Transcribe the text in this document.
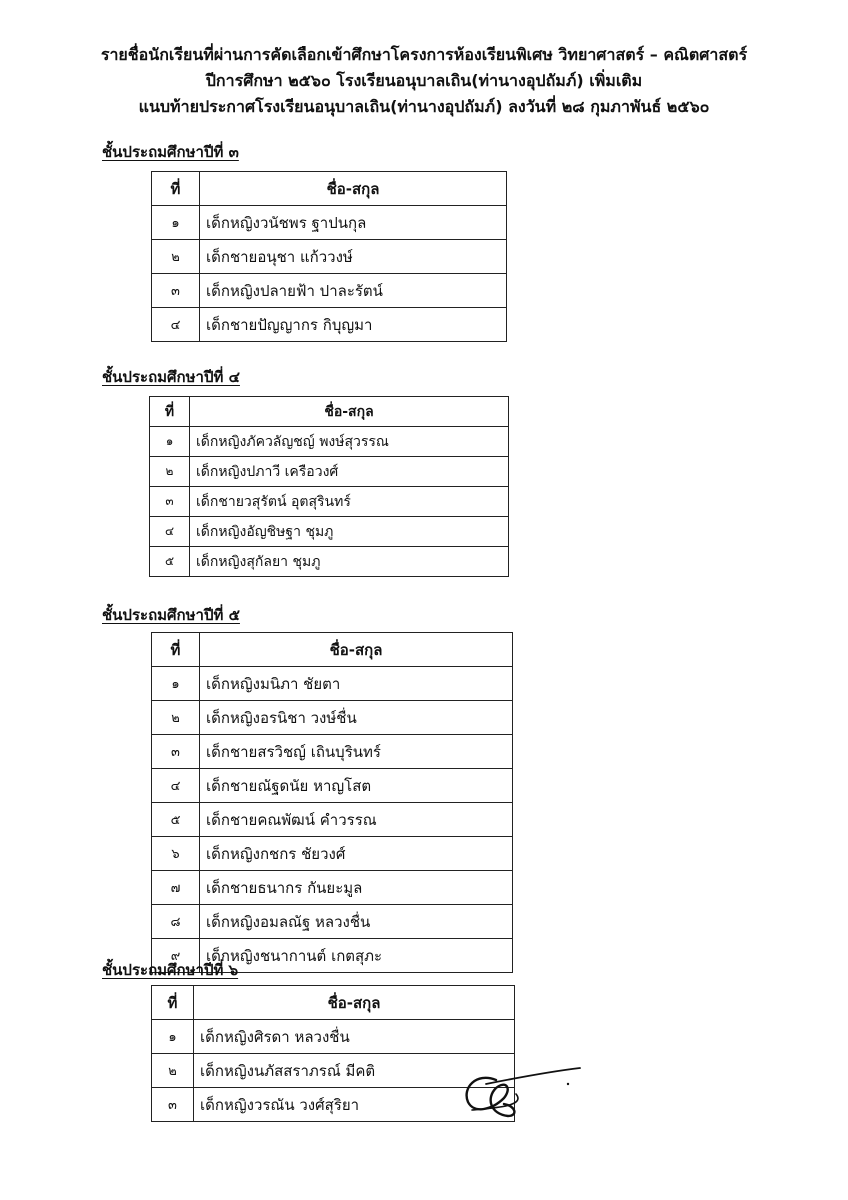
รายชื่อนักเรียนที่ผ่านการคัดเลือกเข้าศึกษาโครงการห้องเรียนพิเศษ วิทยาศาสตร์ – คณิตศาสตร์
ปีการศึกษา ๒๕๖๐ โรงเรียนอนุบาลเถิน(ท่านางอุปถัมภ์) เพิ่มเติม
แนบท้ายประกาศโรงเรียนอนุบาลเถิน(ท่านางอุปถัมภ์) ลงวันที่ ๒๘ กุมภาพันธ์ ๒๕๖๐
ชั้นประถมศึกษาปีที่ ๓
ที่	ชื่อ-สกุล
๑	เด็กหญิงวนัชพร ฐาปนกุล
๒	เด็กชายอนุชา แก้ววงษ์
๓	เด็กหญิงปลายฟ้า ปาละรัตน์
๔	เด็กชายปัญญากร กิบุญมา
ชั้นประถมศึกษาปีที่ ๔
ที่	ชื่อ-สกุล
๑	เด็กหญิงภัควลัญชญ์ พงษ์สุวรรณ
๒	เด็กหญิงปภาวี เครือวงศ์
๓	เด็กชายวสุรัตน์ อุตสุรินทร์
๔	เด็กหญิงอัญชิษฐา ชุมภู
๕	เด็กหญิงสุกัลยา ชุมภู
ชั้นประถมศึกษาปีที่ ๕
ที่	ชื่อ-สกุล
๑	เด็กหญิงมนิภา ชัยตา
๒	เด็กหญิงอรนิชา วงษ์ชื่น
๓	เด็กชายสรวิชญ์ เถินบุรินทร์
๔	เด็กชายณัฐดนัย หาญโสต
๕	เด็กชายคณพัฒน์ คำวรรณ
๖	เด็กหญิงกชกร ชัยวงศ์
๗	เด็กชายธนากร กันยะมูล
๘	เด็กหญิงอมลณัฐ หลวงชื่น
๙	เด็กหญิงชนากานต์ เกตสุภะ
ชั้นประถมศึกษาปีที่ ๖
ที่	ชื่อ-สกุล
๑	เด็กหญิงศิรดา หลวงชื่น
๒	เด็กหญิงนภัสสราภรณ์ มีคติ
๓	เด็กหญิงวรณัน วงศ์สุริยา
